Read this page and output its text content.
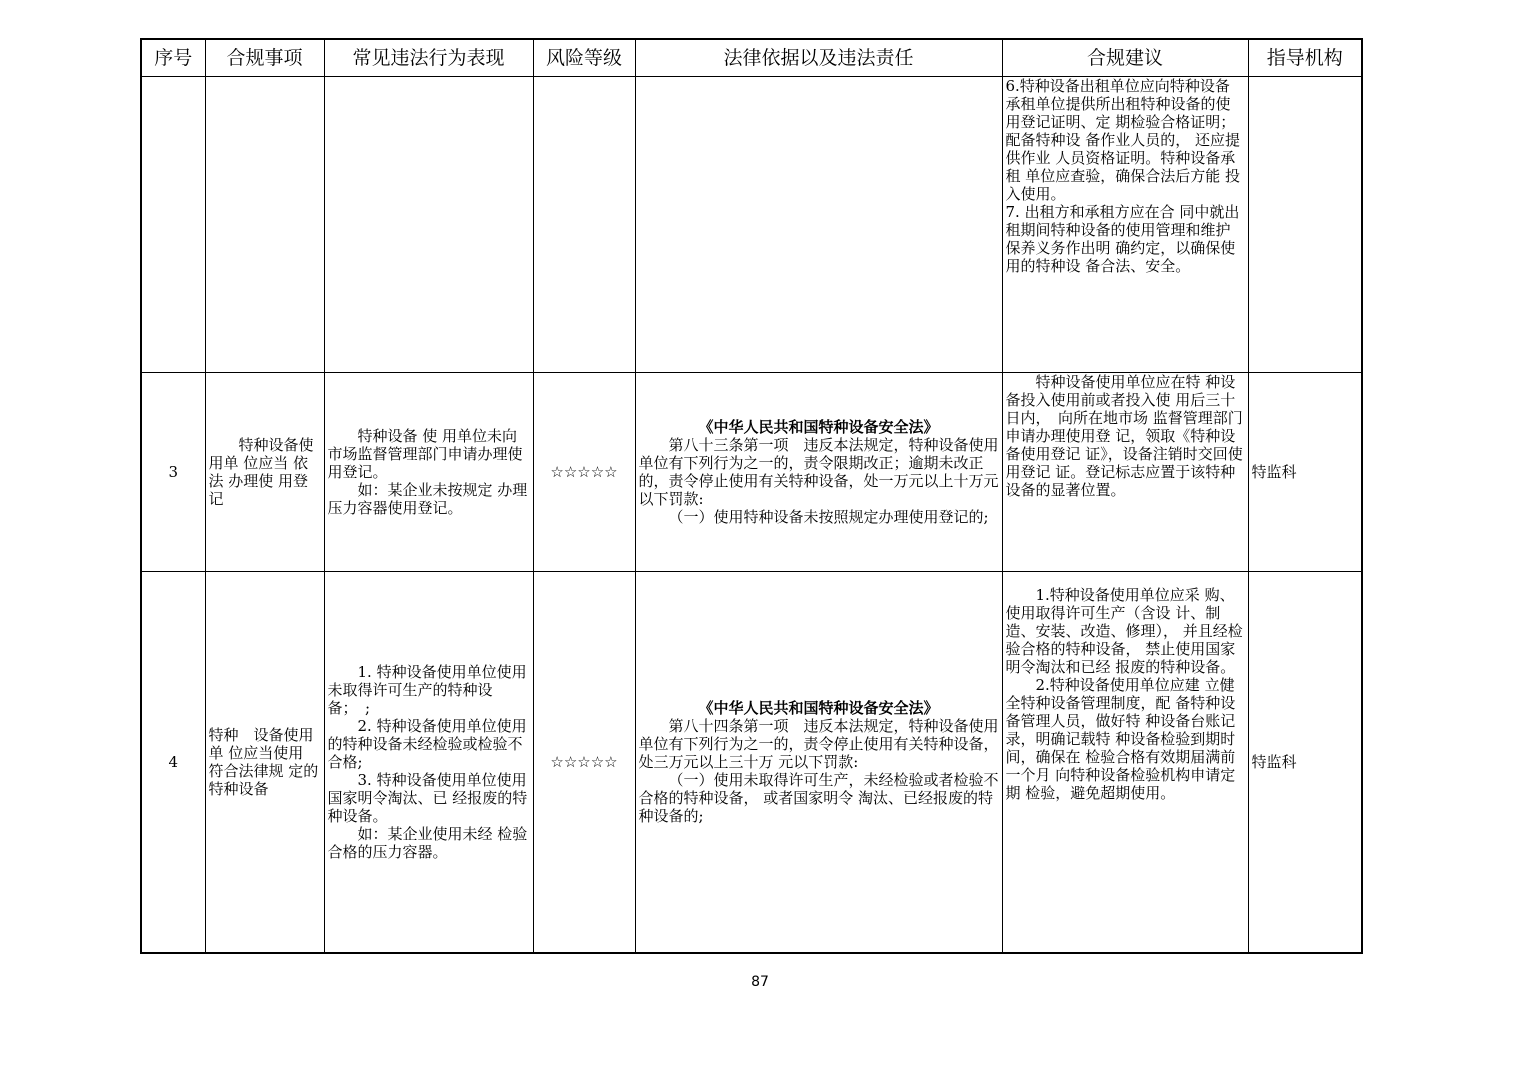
序号	合规事项	常见违法行为表现	风险等级	法律依据以及违法责任	合规建议	指导机构

					6.特种设备出租单位应向特种设备承租单位提供所出租特种设备的使用登记证明、定 期检验合格证明；配备特种设 备作业人员的， 还应提供作业 人员资格证明。特种设备承租 单位应查验，确保合法后方能 投入使用。
7. 出租方和承租方应在合 同中就出租期间特种设备的使用管理和维护保养义务作出明 确约定，以确保使用的特种设 备合法、安全。	

3	特种设备使 用单 位应当 依法 办理使 用登记	特种设备 使 用单位未向市场监督管理部门申请办理使用登记。
如：某企业未按规定 办理压力容器使用登记。	☆☆☆☆☆	《中华人民共和国特种设备安全法》
第八十三条第一项　违反本法规定，特种设备使用单位有下列行为之一的，责令限期改正；逾期未改正的，责令停止使用有关特种设备，处一万元以上十万元以下罚款:
（一）使用特种设备未按照规定办理使用登记的;	特种设备使用单位应在特 种设备投入使用前或者投入使 用后三十日内，　向所在地市场 监督管理部门申请办理使用登 记，领取《特种设备使用登记 证》，设备注销时交回使用登记 证。登记标志应置于该特种 设备的显著位置。	特监科
4	特种　设备使用单 位应当使用 符合法律规 定的特种设备	1. 特种设备使用单位使用未取得许可生产的特种设备；　;
2. 特种设备使用单位使用的特种设备未经检验或检验不合格;
3. 特种设备使用单位使用国家明令淘汰、已 经报废的特种设备。
如：某企业使用未经 检验合格的压力容器。	☆☆☆☆☆	《中华人民共和国特种设备安全法》
第八十四条第一项　违反本法规定，特种设备使用单位有下列行为之一的，责令停止使用有关特种设备， 处三万元以上三十万 元以下罚款:
（一）使用未取得许可生产，未经检验或者检验不合格的特种设备， 或者国家明令 淘汰、已经报废的特种设备的;	1.特种设备使用单位应采 购、使用取得许可生产（含设 计、制造、安装、改造、修理）， 并且经检验合格的特种设备， 禁止使用国家明令淘汰和已经 报废的特种设备。
2.特种设备使用单位应建 立健全特种设备管理制度，配 备特种设备管理人员，做好特 种设备台账记录，明确记载特 种设备检验到期时间，确保在 检验合格有效期届满前一个月 向特种设备检验机构申请定期 检验，避免超期使用。	特监科
87
